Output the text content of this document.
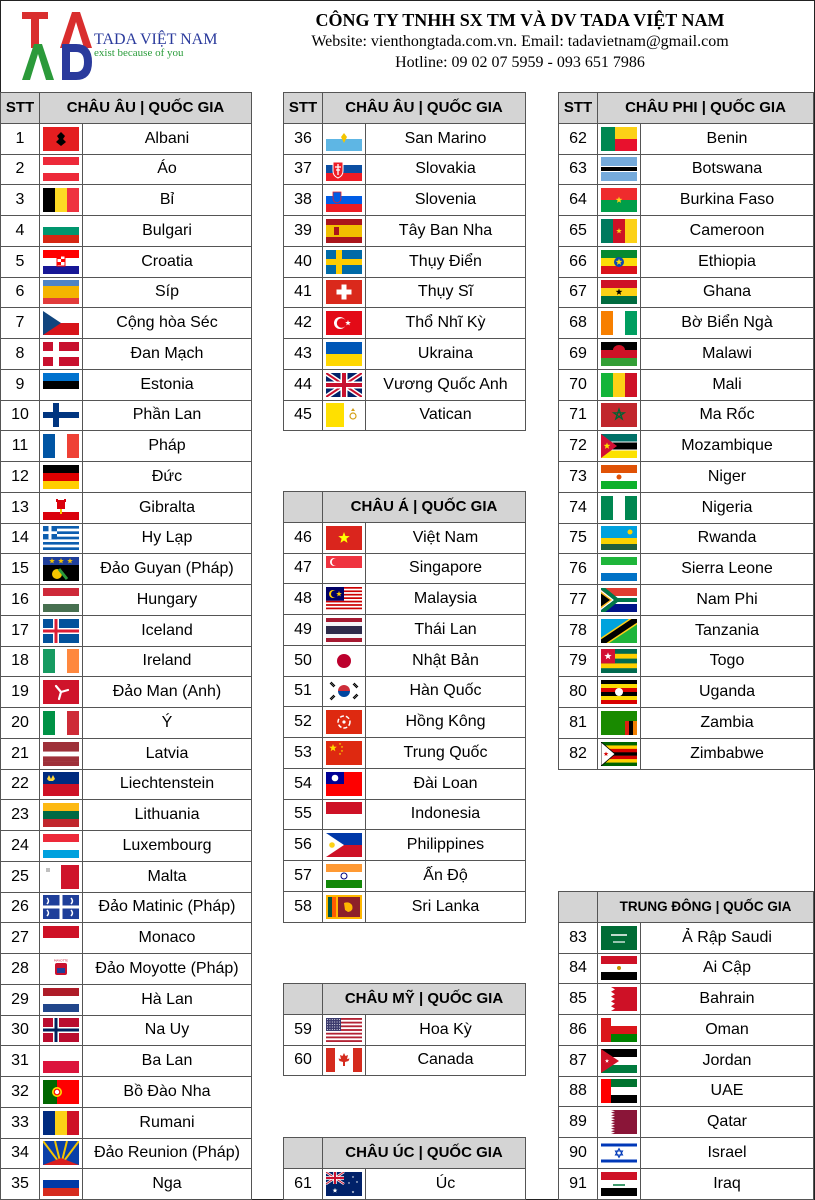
TADA VIỆT NAM
exist because of you
CÔNG TY TNHH SX TM VÀ DV TADA VIỆT NAM
Website: vienthongtada.com.vn. Email: tadavietnam@gmail.com
Hotline: 09 02 07 5959 - 093 651 7986
STT	CHÂU ÂU | QUỐC GIA	
1		Albani
2		Áo
3		Bỉ
4		Bulgari
5		Croatia
6		Síp
7		Cộng hòa Séc
8		Đan Mạch
9		Estonia
10		Phần Lan
11		Pháp
12		Đức
13		Gibralta
14		Hy Lạp
15		Đảo Guyan (Pháp)
16		Hungary
17		Iceland
18		Ireland
19		Đảo Man (Anh)
20		Ý
21		Latvia
22		Liechtenstein
23		Lithuania
24		Luxembourg
25		Malta
26		Đảo Matinic (Pháp)
27		Monaco
28	MAYOTTE	Đảo Moyotte (Pháp)
29		Hà Lan
30		Na Uy
31		Ba Lan
32		Bồ Đào Nha
33		Rumani
34		Đảo Reunion (Pháp)
35		Nga
STT	CHÂU ÂU | QUỐC GIA	
36		San Marino
37		Slovakia
38		Slovenia
39		Tây Ban Nha
40		Thụy Điển
41		Thụy Sĩ
42		Thổ Nhĩ Kỳ
43		Ukraina
44		Vương Quốc Anh
45		Vatican
	CHÂU Á | QUỐC GIA	
46		Việt Nam
47		Singapore
48		Malaysia
49		Thái Lan
50		Nhật Bản
51		Hàn Quốc
52		Hồng Kông
53		Trung Quốc
54		Đài Loan
55		Indonesia
56		Philippines
57		Ấn Độ
58		Sri Lanka
	CHÂU MỸ | QUỐC GIA	
59		Hoa Kỳ
60		Canada
	CHÂU ÚC | QUỐC GIA	
61		Úc
STT	CHÂU PHI | QUỐC GIA	
62		Benin
63		Botswana
64		Burkina Faso
65		Cameroon
66		Ethiopia
67		Ghana
68		Bờ Biển Ngà
69		Malawi
70		Mali
71		Ma Rốc
72		Mozambique
73		Niger
74		Nigeria
75		Rwanda
76		Sierra Leone
77		Nam Phi
78		Tanzania
79		Togo
80		Uganda
81		Zambia
82		Zimbabwe
	TRUNG ĐÔNG | QUỐC GIA	
83		Ả Rập Saudi
84		Ai Cập
85		Bahrain
86		Oman
87		Jordan
88		UAE
89		Qatar
90		Israel
91		Iraq
